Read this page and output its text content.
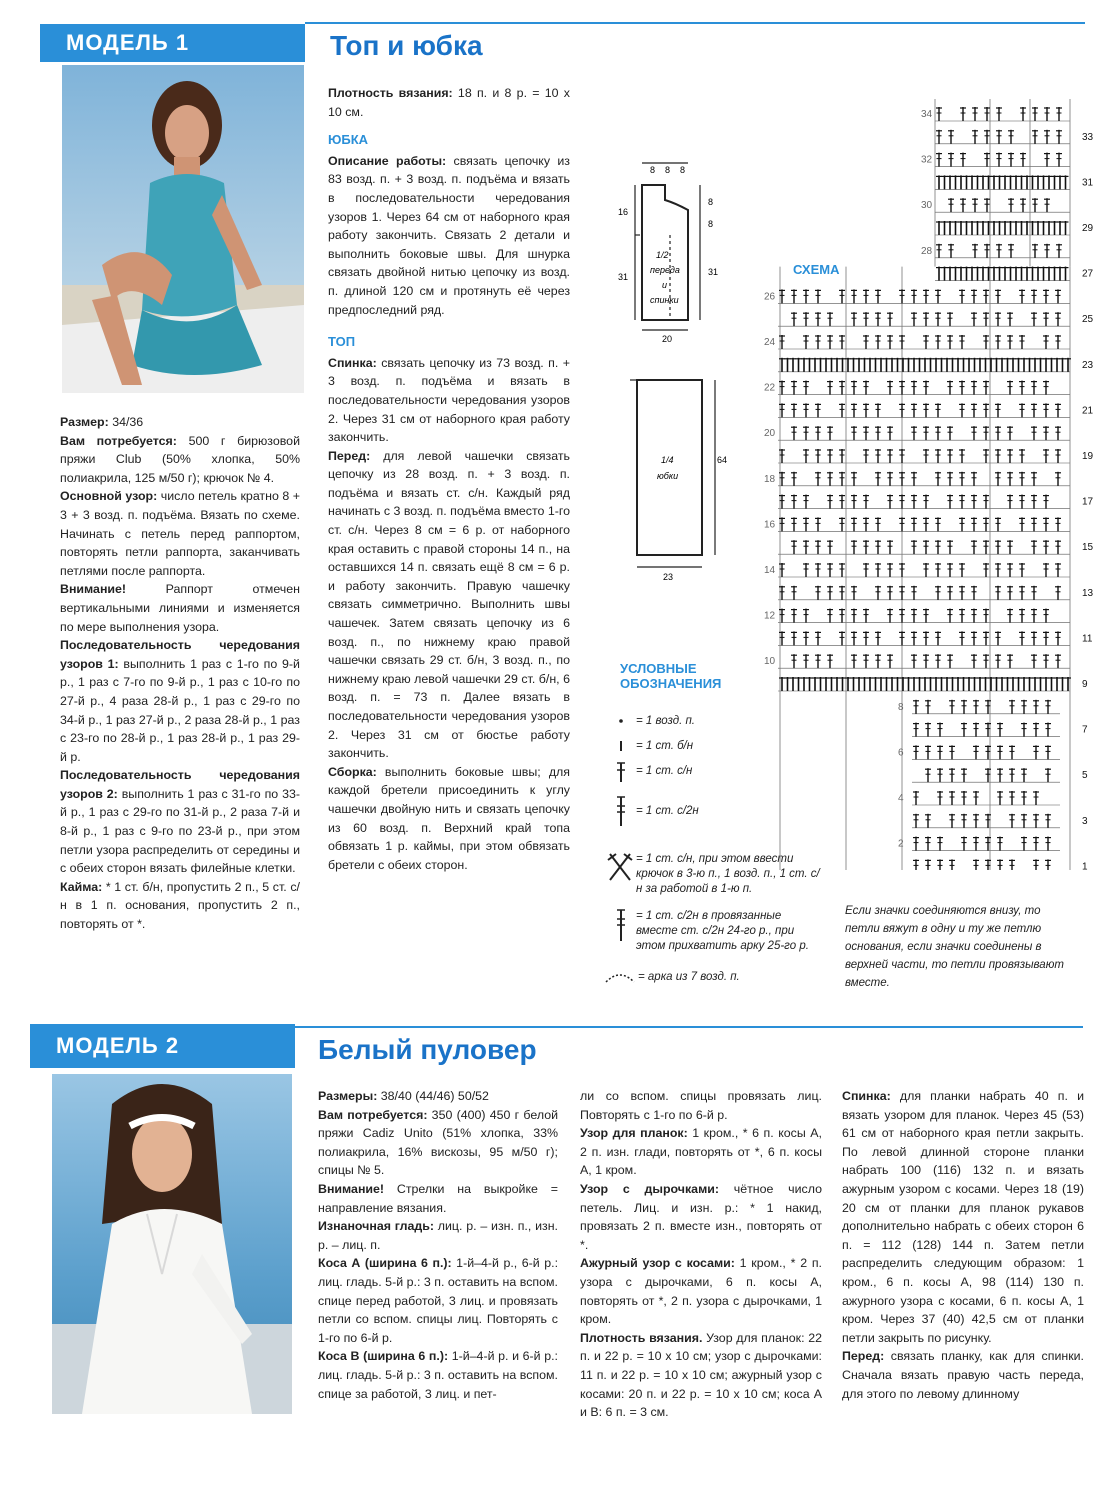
МОДЕЛЬ 1	Топ и юбка

Размер: 34/36

Вам потребуется: 500 г бирюзовой пряжи Club (50% хлопка, 50% полиакрила, 125 м/50 г); крючок № 4.

Основной узор: число петель кратно 8 + 3 + 3 возд. п. подъёма. Вязать по схеме. Начинать с петель перед раппортом, повторять петли раппорта, заканчивать петлями после раппорта.

Внимание! Раппорт отмечен вертикальными линиями и изменяется по мере выполнения узора.

Последовательность чередования узоров 1: выполнить 1 раз с 1-го по 9-й р., 1 раз с 7-го по 9-й р., 1 раз с 10-го по 27-й р., 4 раза 28-й р., 1 раз с 29-го по 34-й р., 1 раз 27-й р., 2 раза 28-й р., 1 раз с 23-го по 28-й р., 1 раз 28-й р., 1 раз 29-й р.

Последовательность чередования узоров 2: выполнить 1 раз с 31-го по 33-й р., 1 раз с 29-го по 31-й р., 2 раза 7-й и 8-й р., 1 раз с 9-го по 23-й р., при этом петли узора распределить от середины и с обеих сторон вязать филейные клетки.

Кайма: * 1 ст. б/н, пропустить 2 п., 5 ст. с/н в 1 п. основания, пропустить 2 п., повторять от *.

Плотность вязания: 18 п. и 8 р. = 10 х 10 см.

ЮБКА

Описание работы: связать цепочку из 83 возд. п. + 3 возд. п. подъёма и вязать в последовательности чередования узоров 1. Через 64 см от наборного края работу закончить. Связать 2 детали и выполнить боковые швы. Для шнурка связать двойной нитью цепочку из возд. п. длиной 120 см и протянуть её через предпоследний ряд.

ТОП

Спинка: связать цепочку из 73 возд. п. + 3 возд. п. подъёма и вязать в последовательности чередования узоров 2. Через 31 см от наборного края работу закончить.

Перед: для левой чашечки связать цепочку из 28 возд. п. + 3 возд. п. подъёма и вязать ст. с/н. Каждый ряд начинать с 3 возд. п. подъёма вместо 1-го ст. с/н. Через 8 см = 6 р. от наборного края оставить с правой стороны 14 п., на оставшихся 14 п. связать ещё 8 см = 6 р. и работу закончить. Правую чашечку связать симметрично. Выполнить швы чашечек. Затем связать цепочку из 6 возд. п., по нижнему краю правой чашечки связать 29 ст. б/н, 3 возд. п., по нижнему краю левой чашечки 29 ст. б/н, 6 возд. п. = 73 п. Далее вязать в последовательности чередования узоров 2. Через 31 см от бюстье работу закончить.

Сборка: выполнить боковые швы; для каждой бретели присоединить к углу чашечки двойную нить и связать цепочку из 60 возд. п. Верхний край топа обвязать 1 р. каймы, при этом обвязать бретели с обеих сторон.

8 8 8
16
31
8
8
31
1/2
переда
и
спинки
20
64
1/4
юбки
23
УСЛОВНЫЕ
ОБОЗНАЧЕНИЯ
= 1 возд. п.
= 1 ст. б/н
= 1 ст. с/н
= 1 ст. с/2н
= 1 ст. с/н, при этом ввести крючок в 3-ю п., 1 возд. п., 1 ст. с/н за работой в 1-ю п.
= 1 ст. с/2н в провязанные вместе ст. с/2н 24-го р., при этом прихватить арку 25-го р.
= арка из 7 возд. п.
СХЕМА
34
33
32
31
30
29
28
27
26
25
24
23
22
21
20
19
18
17
16
15
14
13
12
11
10
9
8
7
6
5
4
3
2
1
Если значки соединяются внизу, то петли вяжут в одну и ту же петлю основания, если значки соединены в верхней части, то петли провязывают вместе.
МОДЕЛЬ 2	Белый пуловер

Размеры: 38/40 (44/46) 50/52

Вам потребуется: 350 (400) 450 г белой пряжи Cadiz Unito (51% хлопка, 33% полиакрила, 16% вискозы, 95 м/50 г); спицы № 5.

Внимание! Стрелки на выкройке = направление вязания.

Изнаночная гладь: лиц. р. – изн. п., изн. р. – лиц. п.

Коса А (ширина 6 п.): 1-й–4-й р., 6-й р.: лиц. гладь. 5-й р.: 3 п. оставить на вспом. спице перед работой, 3 лиц. и провязать петли со вспом. спицы лиц. Повторять с 1-го по 6-й р.

Коса В (ширина 6 п.): 1-й–4-й р. и 6-й р.: лиц. гладь. 5-й р.: 3 п. оставить на вспом. спице за работой, 3 лиц. и пет-

ли со вспом. спицы провязать лиц. Повторять с 1-го по 6-й р.

Узор для планок: 1 кром., * 6 п. косы А, 2 п. изн. глади, повторять от *, 6 п. косы А, 1 кром.

Узор с дырочками: чётное число петель. Лиц. и изн. р.: * 1 накид, провязать 2 п. вместе изн., повторять от *.

Ажурный узор с косами: 1 кром., * 2 п. узора с дырочками, 6 п. косы А, повторять от *, 2 п. узора с дырочками, 1 кром.

Плотность вязания. Узор для планок: 22 п. и 22 р. = 10 х 10 см; узор с дырочками: 11 п. и 22 р. = 10 х 10 см; ажурный узор с косами: 20 п. и 22 р. = 10 х 10 см; коса А и В: 6 п. = 3 см.

Спинка: для планки набрать 40 п. и вязать узором для планок. Через 45 (53) 61 см от наборного края петли закрыть. По левой длинной стороне планки набрать 100 (116) 132 п. и вязать ажурным узором с косами. Через 18 (19) 20 см от планки для планок рукавов дополнительно набрать с обеих сторон 6 п. = 112 (128) 144 п. Затем петли распределить следующим образом: 1 кром., 6 п. косы А, 98 (114) 130 п. ажурного узора с косами, 6 п. косы А, 1 кром. Через 37 (40) 42,5 см от планки петли закрыть по рисунку.

Перед: связать планку, как для спинки. Сначала вязать правую часть переда, для этого по левому длинному
